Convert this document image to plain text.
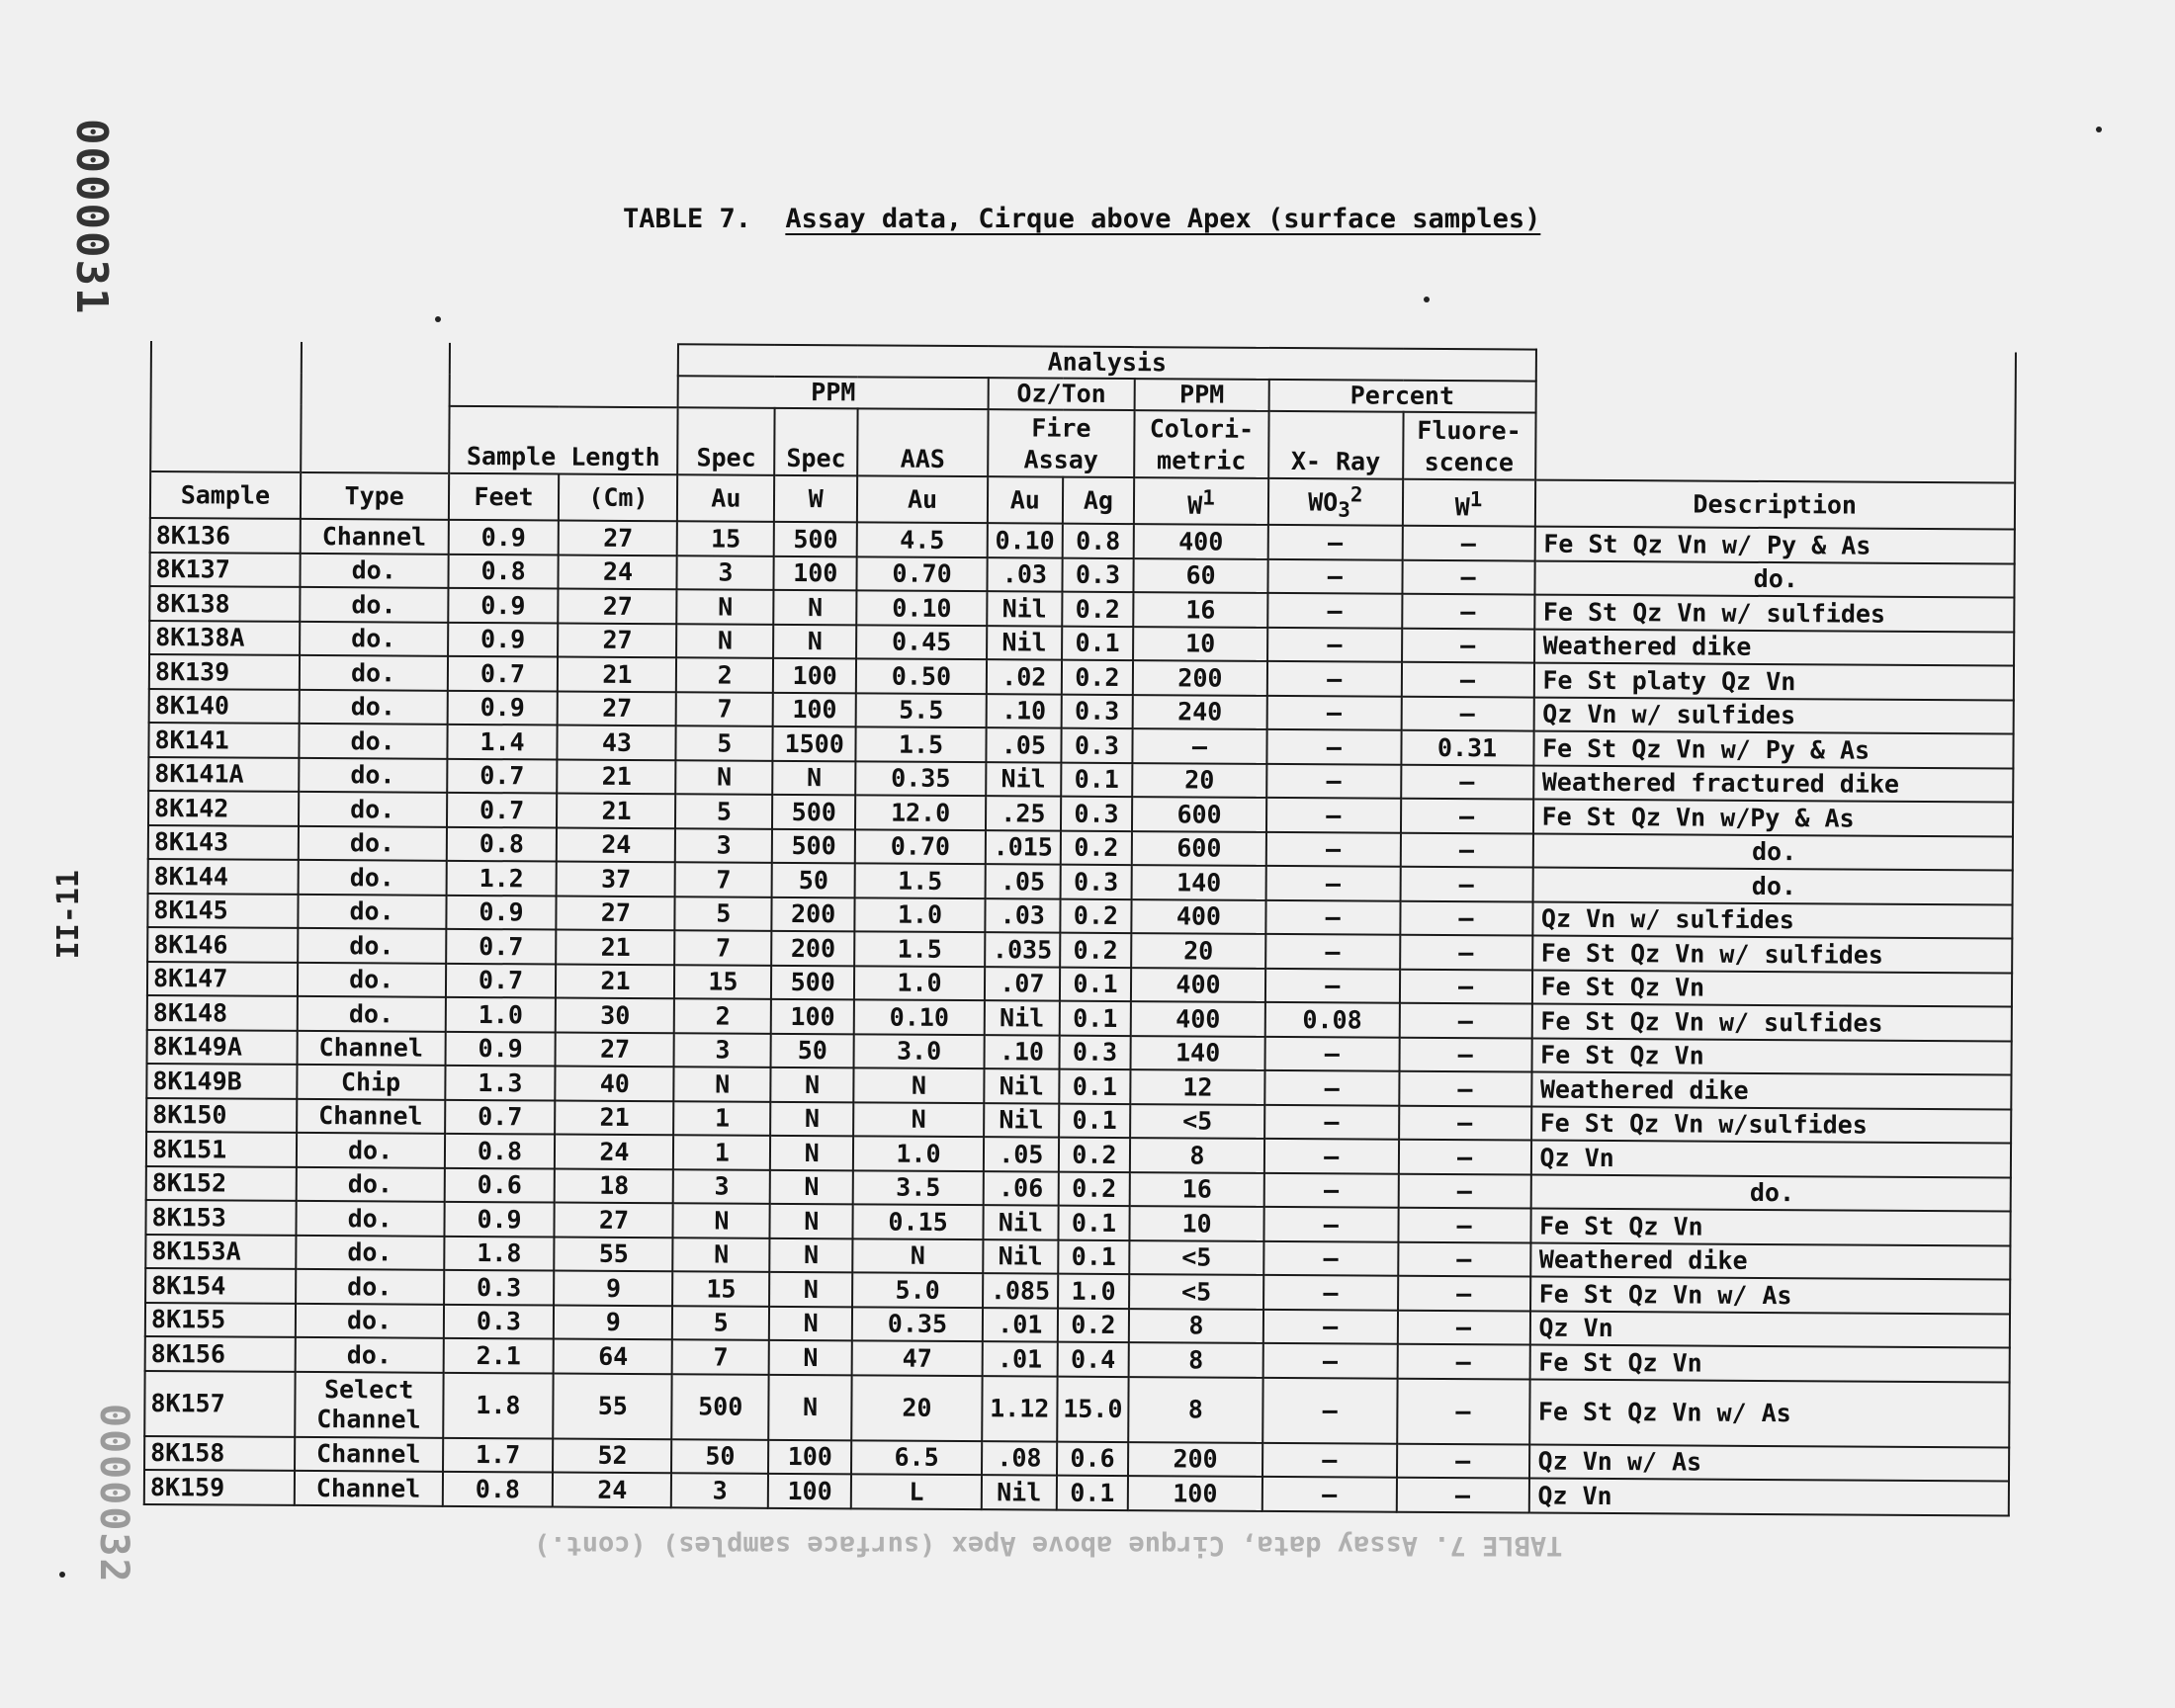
0000031
II-11
0000032	TABLE 7. Assay data, Cirque above Apex (surface samples) (cont.)
TABLE 7. Assay data, Cirque above Apex (surface samples)
				Analysis								
				PPM			Oz/Ton		PPM	Percent		
		Sample Length		Spec	Spec	AAS	Fire Assay		Colori- metric	X- Ray	Fluore- scence	
Sample	Type	Feet	(Cm)	Au	W	Au	Au	Ag	$W^1$	$WO_3^2$	$W^1$	Description
8K136	Channel	0.9	27	15	500	4.5	0.10	0.8	400	–	–	Fe St Qz Vn w/ Py & As
8K137	do.	0.8	24	3	100	0.70	.03	0.3	60	–	–	do.
8K138	do.	0.9	27	N	N	0.10	Nil	0.2	16	–	–	Fe St Qz Vn w/ sulfides
8K138A	do.	0.9	27	N	N	0.45	Nil	0.1	10	–	–	Weathered dike
8K139	do.	0.7	21	2	100	0.50	.02	0.2	200	–	–	Fe St platy Qz Vn
8K140	do.	0.9	27	7	100	5.5	.10	0.3	240	–	–	Qz Vn w/ sulfides
8K141	do.	1.4	43	5	1500	1.5	.05	0.3	–	–	0.31	Fe St Qz Vn w/ Py & As
8K141A	do.	0.7	21	N	N	0.35	Nil	0.1	20	–	–	Weathered fractured dike
8K142	do.	0.7	21	5	500	12.0	.25	0.3	600	–	–	Fe St Qz Vn w/Py & As
8K143	do.	0.8	24	3	500	0.70	.015	0.2	600	–	–	do.
8K144	do.	1.2	37	7	50	1.5	.05	0.3	140	–	–	do.
8K145	do.	0.9	27	5	200	1.0	.03	0.2	400	–	–	Qz Vn w/ sulfides
8K146	do.	0.7	21	7	200	1.5	.035	0.2	20	–	–	Fe St Qz Vn w/ sulfides
8K147	do.	0.7	21	15	500	1.0	.07	0.1	400	–	–	Fe St Qz Vn
8K148	do.	1.0	30	2	100	0.10	Nil	0.1	400	0.08	–	Fe St Qz Vn w/ sulfides
8K149A	Channel	0.9	27	3	50	3.0	.10	0.3	140	–	–	Fe St Qz Vn
8K149B	Chip	1.3	40	N	N	N	Nil	0.1	12	–	–	Weathered dike
8K150	Channel	0.7	21	1	N	N	Nil	0.1	<5	–	–	Fe St Qz Vn w/sulfides
8K151	do.	0.8	24	1	N	1.0	.05	0.2	8	–	–	Qz Vn
8K152	do.	0.6	18	3	N	3.5	.06	0.2	16	–	–	do.
8K153	do.	0.9	27	N	N	0.15	Nil	0.1	10	–	–	Fe St Qz Vn
8K153A	do.	1.8	55	N	N	N	Nil	0.1	<5	–	–	Weathered dike
8K154	do.	0.3	9	15	N	5.0	.085	1.0	<5	–	–	Fe St Qz Vn w/ As
8K155	do.	0.3	9	5	N	0.35	.01	0.2	8	–	–	Qz Vn
8K156	do.	2.1	64	7	N	47	.01	0.4	8	–	–	Fe St Qz Vn
8K157	Select Channel	1.8	55	500	N	20	1.12	15.0	8	–	–	Fe St Qz Vn w/ As
8K158	Channel	1.7	52	50	100	6.5	.08	0.6	200	–	–	Qz Vn w/ As
8K159	Channel	0.8	24	3	100	L	Nil	0.1	100	–	–	Qz Vn
